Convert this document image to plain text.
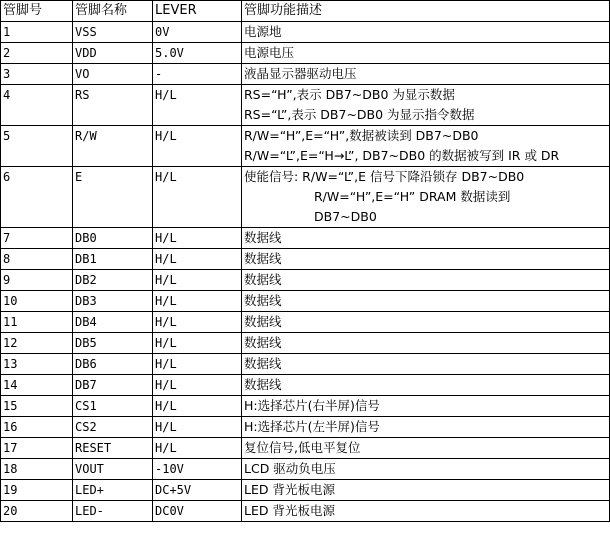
管脚号	管脚名称	LEVER	管脚功能描述
1	VSS	0V	电源地

2	VDD	5.0V	电源电压

3	VO	-	液晶显示器驱动电压

4	RS	H/L	RS=“H”,表示 DB7~DB0 为显示数据
RS=“L”,表示 DB7~DB0 为显示指令数据

5	R/W	H/L	R/W=“H”,E=“H”,数据被读到 DB7~DB0
R/W=“L”,E=“H→L”, DB7~DB0 的数据被写到 IR 或 DR

6	E	H/L	使能信号: R/W=“L”,E 信号下降沿锁存 DB7~DB0
R/W=“H”,E=“H” DRAM 数据读到
DB7~DB0

7	DB0	H/L	数据线

8	DB1	H/L	数据线

9	DB2	H/L	数据线

10	DB3	H/L	数据线

11	DB4	H/L	数据线

12	DB5	H/L	数据线

13	DB6	H/L	数据线

14	DB7	H/L	数据线

15	CS1	H/L	H:选择芯片(右半屏)信号

16	CS2	H/L	H:选择芯片(左半屏)信号

17	RESET	H/L	复位信号,低电平复位

18	VOUT	-10V	LCD 驱动负电压

19	LED+	DC+5V	LED 背光板电源

20	LED-	DC0V	LED 背光板电源
